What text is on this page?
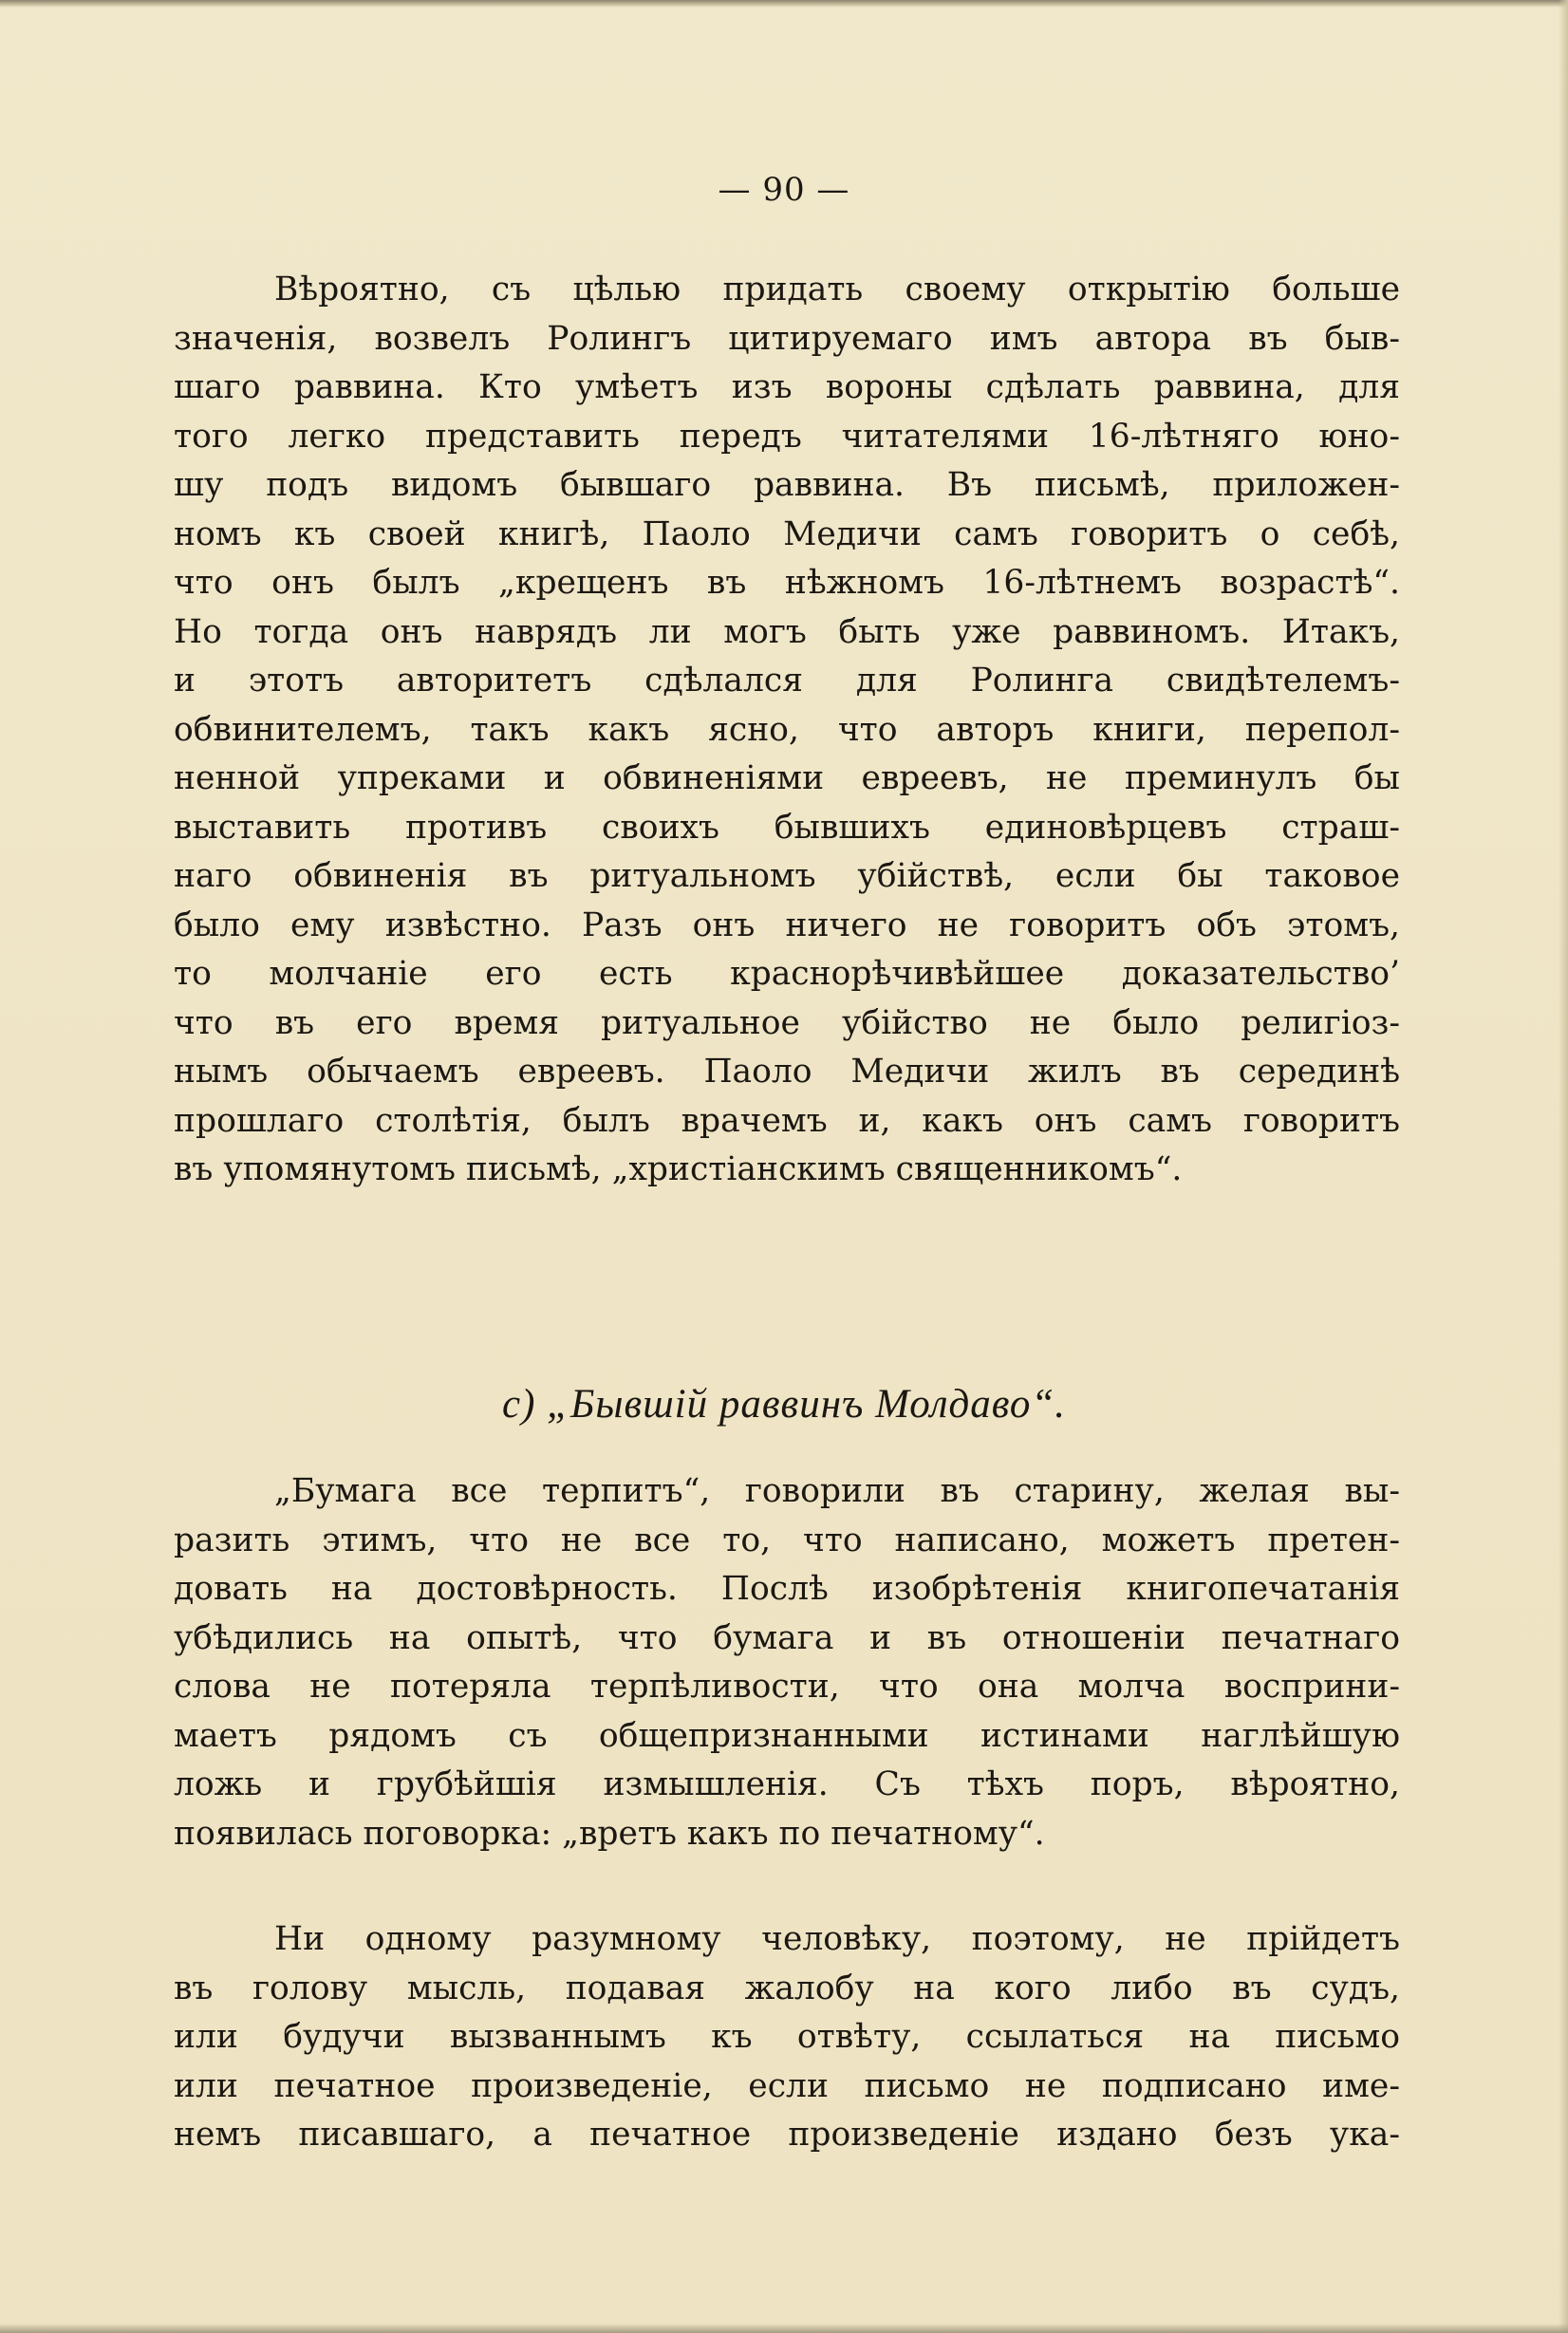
— 90 —
Вѣроятно, съ цѣлью придать своему открытію больше
значенія, возвелъ Ролингъ цитируемаго имъ автора въ быв-
шаго раввина. Кто умѣетъ изъ вороны сдѣлать раввина, для
того легко представить передъ читателями 16-лѣтняго юно-
шу подъ видомъ бывшаго раввина. Въ письмѣ, приложен-
номъ къ своей книгѣ, Паоло Медичи самъ говоритъ о себѣ,
что онъ былъ „крещенъ въ нѣжномъ 16-лѣтнемъ возрастѣ“.
Но тогда онъ наврядъ ли могъ быть уже раввиномъ. Итакъ,
и этотъ авторитетъ сдѣлался для Ролинга свидѣтелемъ-
обвинителемъ, такъ какъ ясно, что авторъ книги, перепол-
ненной упреками и обвиненіями евреевъ, не преминулъ бы
выставить противъ своихъ бывшихъ единовѣрцевъ страш-
наго обвиненія въ ритуальномъ убійствѣ, если бы таковое
было ему извѣстно. Разъ онъ ничего не говоритъ объ этомъ,
то молчаніе его есть краснорѣчивѣйшее доказательство’
что въ его время ритуальное убійство не было религіоз-
нымъ обычаемъ евреевъ. Паоло Медичи жилъ въ серединѣ
прошлаго столѣтія, былъ врачемъ и, какъ онъ самъ говоритъ
въ упомянутомъ письмѣ, „христіанскимъ священникомъ“.
c) „Бывшій раввинъ Молдаво“.
„Бумага все терпитъ“, говорили въ старину, желая вы-
разить этимъ, что не все то, что написано, можетъ претен-
довать на достовѣрность. Послѣ изобрѣтенія книгопечатанія
убѣдились на опытѣ, что бумага и въ отношеніи печатнаго
слова не потеряла терпѣливости, что она молча восприни-
маетъ рядомъ съ общепризнанными истинами наглѣйшую
ложь и грубѣйшія измышленія. Съ тѣхъ поръ, вѣроятно,
появилась поговорка: „вретъ какъ по печатному“.
Ни одному разумному человѣку, поэтому, не прійдетъ
въ голову мысль, подавая жалобу на кого либо въ судъ,
или будучи вызваннымъ къ отвѣту, ссылаться на письмо
или печатное произведеніе, если письмо не подписано име-
немъ писавшаго, а печатное произведеніе издано безъ ука-
